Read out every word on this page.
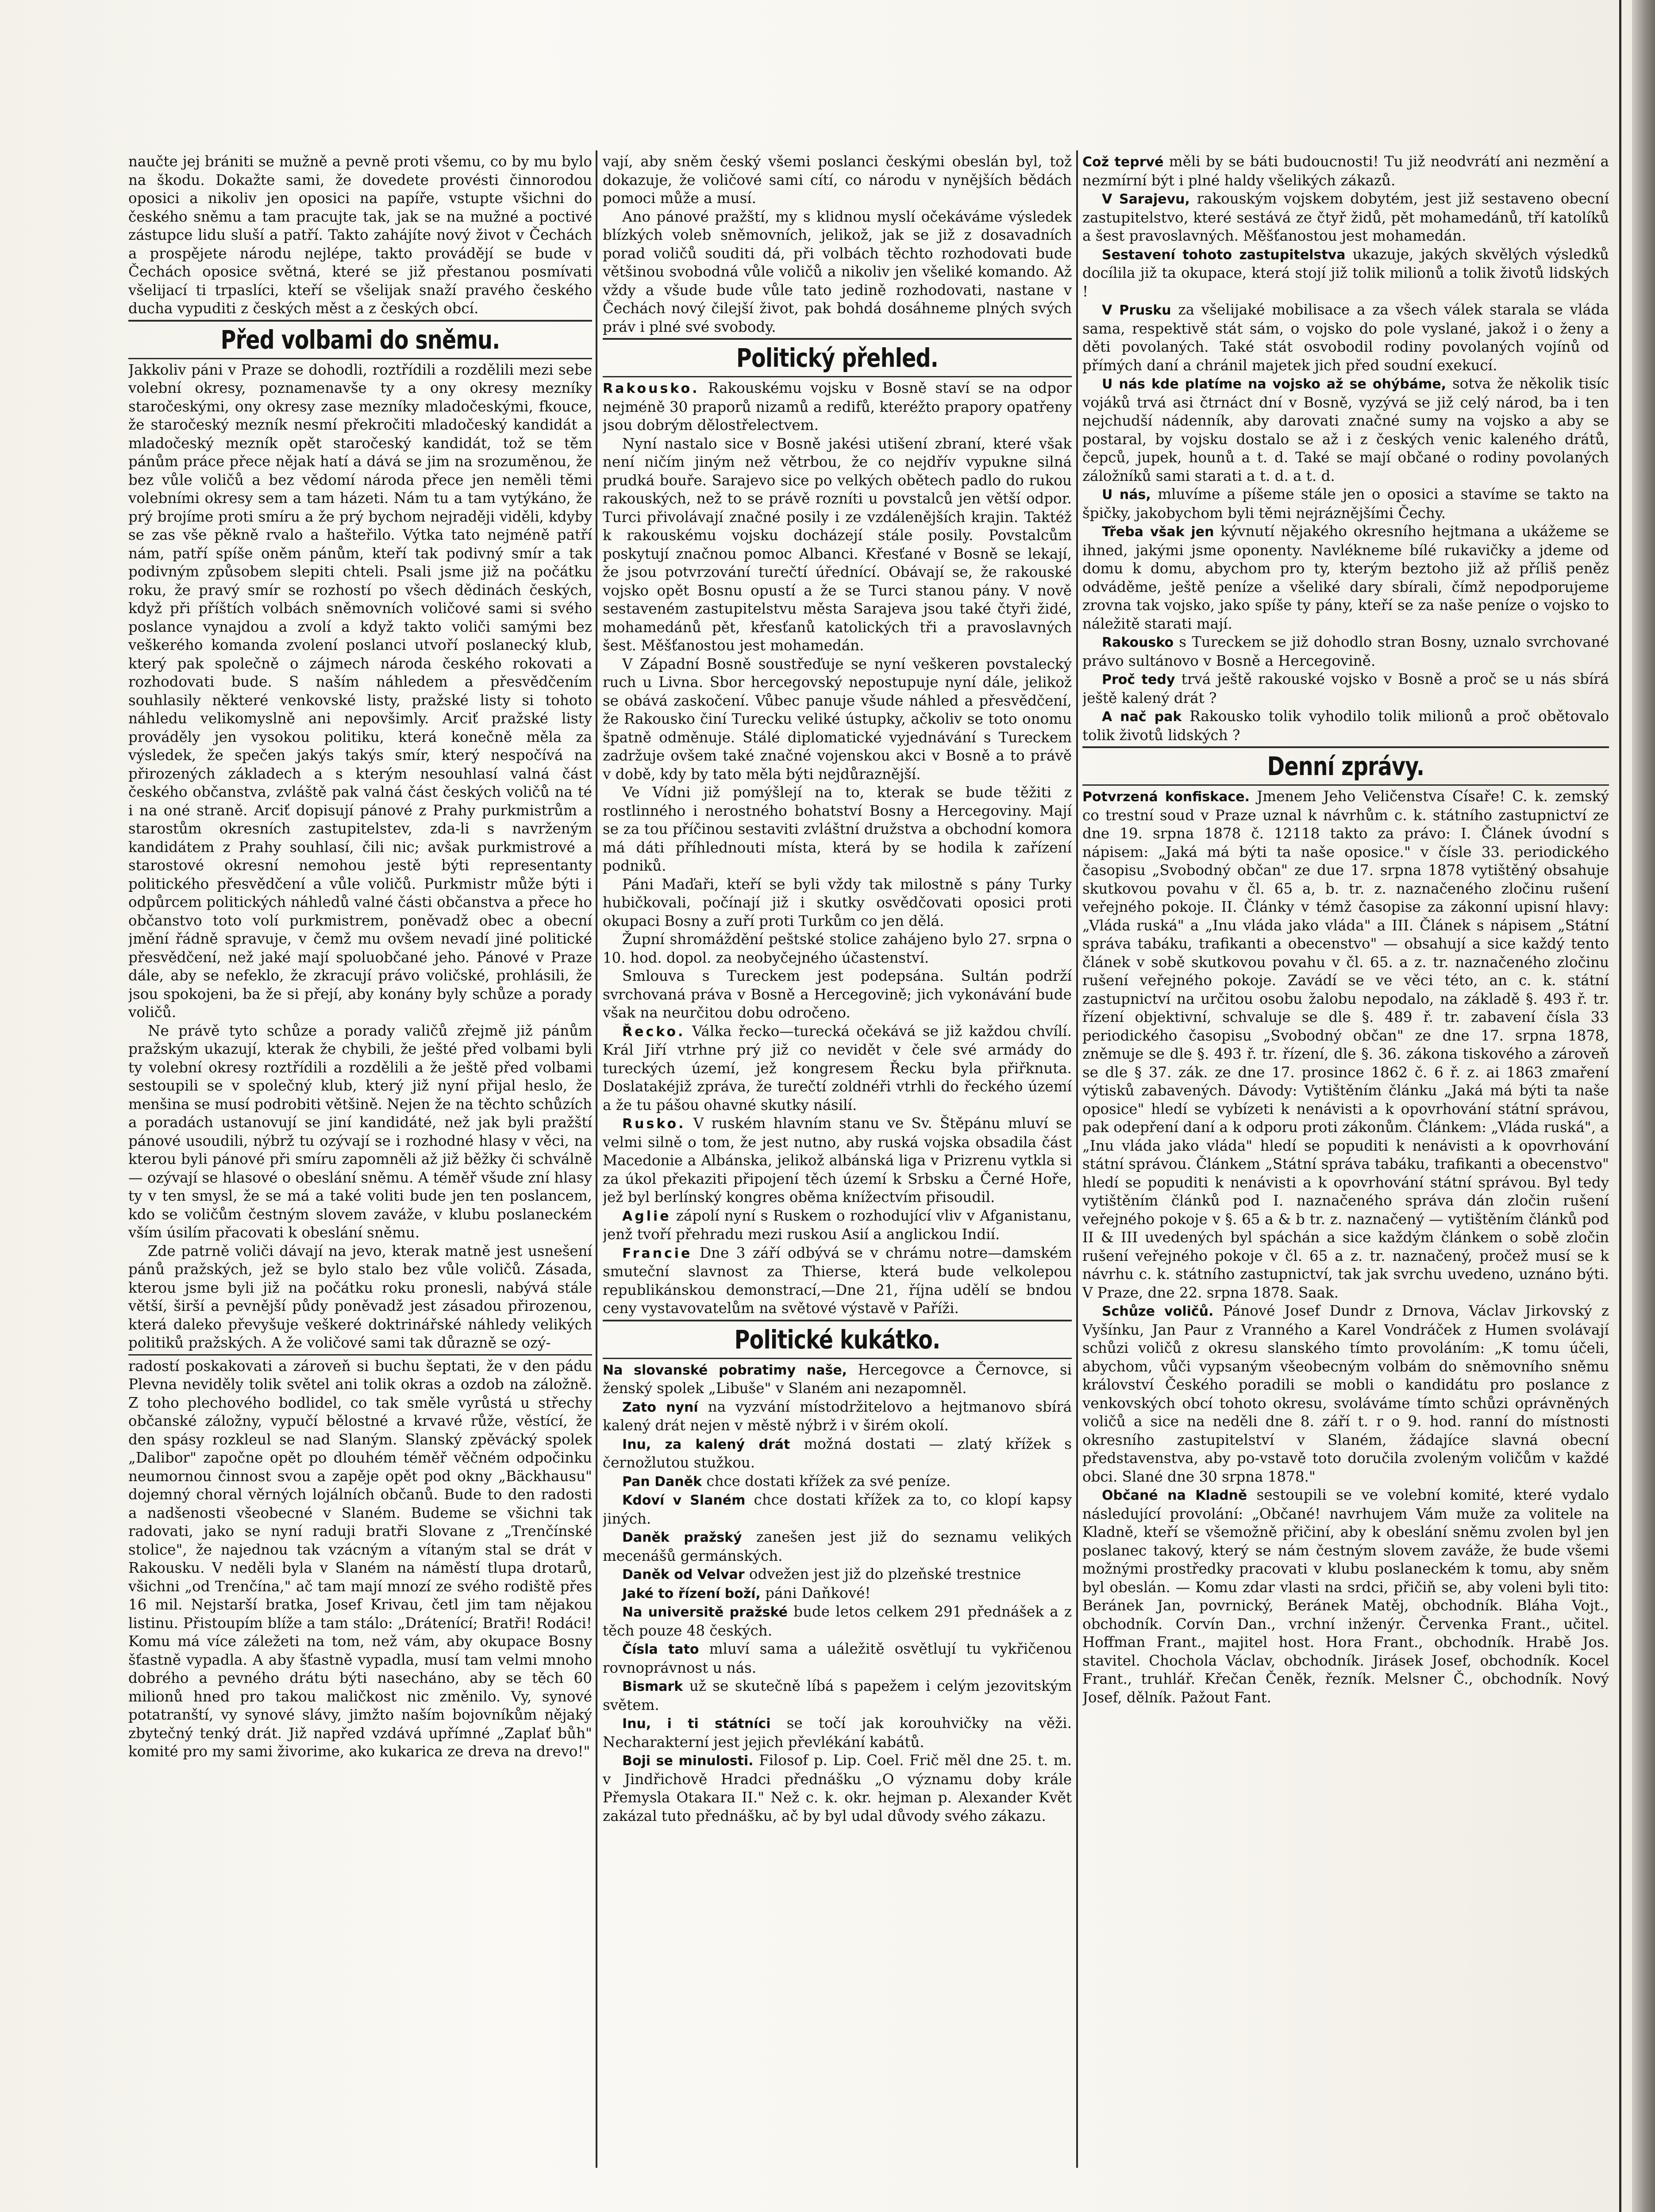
naučte jej brániti se mužně a pevně proti všemu, co by mu bylo na škodu. Dokažte sami, že dovedete provésti činnorodou oposici a nikoliv jen oposici na papíře, vstupte všichni do českého sněmu a tam pracujte tak, jak se na mužné a poctivé zástupce lidu sluší a patří. Takto zahájíte nový život v Čechách a prospějete národu nejlépe, takto provádějí se bude v Čechách oposice světná, které se již přestanou posmívati všelijací ti trpaslíci, kteří se všelijak snaží pravého českého ducha vypuditi z českých měst a z českých obcí.

Před volbami do sněmu.

Jakkoliv páni v Praze se dohodli, roztřídili a rozdělili mezi sebe volební okresy, poznamenavše ty a ony okresy mezníky staročeskými, ony okresy zase mezníky mladočeskými, fkouce, že staročeský mezník nesmí překročiti mladočeský kandidát a mladočeský mezník opět staročeský kandidát, tož se těm pánům práce přece nějak hatí a dává se jim na srozuměnou, že bez vůle voličů a bez vědomí národa přece jen neměli těmi volebními okresy sem a tam házeti. Nám tu a tam vytýkáno, že prý brojíme proti smíru a že prý bychom nejraději viděli, kdyby se zas vše pěkně rvalo a hašteřilo. Výtka tato nejméně patří nám, patří spíše oněm pánům, kteří tak podivný smír a tak podivným způsobem slepiti chteli. Psali jsme již na počátku roku, že pravý smír se rozhostí po všech dědinách českých, když při příštích volbách sněmovních voličové sami si svého poslance vynajdou a zvolí a když takto voliči samými bez veškerého komanda zvolení poslanci utvoří poslanecký klub, který pak společně o zájmech národa českého rokovati a rozhodovati bude. S naším náhledem a přesvědčením souhlasily některé venkovské listy, pražské listy si tohoto náhledu velikomyslně ani nepovšimly. Arciť pražské listy prováděly jen vysokou politiku, která konečně měla za výsledek, že spečen jakýs takýs smír, který nespočívá na přirozených základech a s kterým nesouhlasí valná část českého občanstva, zvláště pak valná část českých voličů na té i na oné straně. Arciť dopisují pánové z Prahy purkmistrům a starostům okresních zastupitelstev, zda-li s navrženým kandidátem z Prahy souhlasí, čili nic; avšak purkmistrové a starostové okresní nemohou jestě býti representanty politického přesvědčení a vůle voličů. Purkmistr může býti i odpůrcem politických náhledů valné části občanstva a přece ho občanstvo toto volí purkmistrem, poněvadž obec a obecní jmění řádně spravuje, v čemž mu ovšem nevadí jiné politické přesvědčení, než jaké mají spoluobčané jeho. Pánové v Praze dále, aby se nefeklo, že zkracují právo voličské, prohlásili, že jsou spokojeni, ba že si přejí, aby konány byly schůze a porady voličů.

Ne právě tyto schůze a porady valičů zřejmě již pánům pražským ukazují, kterak že chybili, že ješté před volbami byli ty volební okresy roztřídili a rozdělili a že ještě před volbami sestoupili se v společný klub, který již nyní přijal heslo, že menšina se musí podrobiti většině. Nejen že na těchto schůzích a poradách ustanovují se jiní kandidáté, než jak byli pražští pánové usoudili, nýbrž tu ozývají se i rozhodné hlasy v věci, na kterou byli pánové při smíru zapomněli až již běžky či schválně — ozývají se hlasové o obeslání sněmu. A téměř všude zní hlasy ty v ten smysl, že se má a také voliti bude jen ten poslancem, kdo se voličům čestným slovem zaváže, v klubu poslaneckém vším úsilím přacovati k obeslání sněmu.

Zde patrně voliči dávají na jevo, kterak matně jest usnešení pánů pražských, jež se bylo stalo bez vůle voličů. Zásada, kterou jsme byli již na počátku roku pronesli, nabývá stále větší, širší a pevnější půdy poněvadž jest zásadou přirozenou, která daleko převyšuje veškeré doktrinářské náhledy velikých politiků pražských. A že voličové sami tak důrazně se ozý-

radostí poskakovati a zároveň si buchu šeptati, že v den pádu Plevna neviděly tolik světel ani tolik okras a ozdob na záložně. Z toho plechového bodlidel, co tak směle vyrůstá u střechy občanské záložny, vypučí bělostné a krvavé růže, věstící, že den spásy rozkleul se nad Slaným. Slanský zpěvácký spolek „Dalibor" započne opět po dlouhém téměř věčném odpočinku neumornou činnost svou a zapěje opět pod okny „Bäckhausu" dojemný choral věrných lojálních občanů. Bude to den radosti a nadšenosti všeobecné v Slaném. Budeme se všichni tak radovati, jako se nyní raduji bratři Slovane z „Trenčínské stolice", že najednou tak vzácným a vítaným stal se drát v Rakousku. V neděli byla v Slaném na náměstí tlupa drotarů, všichni „od Trenčína," ač tam mají mnozí ze svého rodiště přes 16 mil. Nejstarší bratka, Josef Krivau, četl jim tam nějakou listinu. Přistoupím blíže a tam stálo: „Drátenící; Bratři! Rodáci! Komu má více záležeti na tom, než vám, aby okupace Bosny šťastně vypadla. A aby šťastně vypadla, musí tam velmi mnoho dobrého a pevného drátu býti nasecháno, aby se těch 60 milionů hned pro takou maličkost nic změnilo. Vy, synové potatranští, vy synové slávy, jimžto naším bojovníkům nějaký zbytečný tenký drát. Již napřed vzdává upřímné „Zaplať bůh" komité pro my sami živorime, ako kukarica ze dreva na drevo!"

vají, aby sněm český všemi poslanci českými obeslán byl, tož dokazuje, že voličové sami cítí, co národu v nynějších bědách pomoci může a musí.

Ano pánové pražští, my s klidnou myslí očekáváme výsledek blízkých voleb sněmovních, jelikož, jak se již z dosavadních porad voličů souditi dá, při volbách těchto rozhodovati bude většinou svobodná vůle voličů a nikoliv jen všeliké komando. Až vždy a všude bude vůle tato jedině rozhodovati, nastane v Čechách nový čilejší život, pak bohdá dosáhneme plných svých práv i plné své svobody.

Politický přehled.

Rakousko. Rakouskému vojsku v Bosně staví se na odpor nejméně 30 praporů nizamů a redifů, kteréžto prapory opatřeny jsou dobrým dělostřelectvem.

Nyní nastalo sice v Bosně jakési utišení zbraní, které však není ničím jiným než větrbou, že co nejdřív vypukne silná prudká bouře. Sarajevo sice po velkých obětech padlo do rukou rakouských, než to se právě rozníti u povstalců jen větší odpor. Turci přivolávají značné posily i ze vzdálenějších krajin. Taktéž k rakouskému vojsku docházejí stále posily. Povstalcům poskytují značnou pomoc Albanci. Křesťané v Bosně se lekají, že jsou potvrzování turečtí úřednící. Obávají se, že rakouské vojsko opět Bosnu opustí a že se Turci stanou pány. V nově sestaveném zastupitelstvu města Sarajeva jsou také čtyři židé, mohamedánů pět, křesťanů katolických tři a pravoslavných šest. Měšťanostou jest mohamedán.

V Západní Bosně soustřeďuje se nyní veškeren povstalecký ruch u Livna. Sbor hercegovský nepostupuje nyní dále, jelikož se obává zaskočení. Vůbec panuje všude náhled a přesvědčení, že Rakousko činí Turecku veliké ústupky, ačkoliv se toto onomu špatně odměnuje. Stálé diplomatické vyjednávání s Tureckem zadržuje ovšem také značné vojenskou akci v Bosně a to právě v době, kdy by tato měla býti nejdůraznější.

Ve Vídni již pomýšlejí na to, kterak se bude těžiti z rostlinného i nerostného bohatství Bosny a Hercegoviny. Mají se za tou příčinou sestaviti zvláštní družstva a obchodní komora má dáti příhlednouti místa, která by se hodila k zařízení podniků.

Páni Maďaři, kteří se byli vždy tak milostně s pány Turky hubičkovali, počínají již i skutky osvědčovati oposici proti okupaci Bosny a zuří proti Turkům co jen dělá.

Župní shromáždění peštské stolice zahájeno bylo 27. srpna o 10. hod. dopol. za neobyčejného účastenství.

Smlouva s Tureckem jest podepsána. Sultán podrží svrchovaná práva v Bosně a Hercegovině; jich vykonávání bude však na neurčitou dobu odročeno.

Řecko. Válka řecko—turecká očekává se již každou chvílí. Král Jiří vtrhne prý již co nevidět v čele své armády do tureckých území, jež kongresem Řecku byla přiřknuta. Doslatakéjiž zpráva, že turečtí zoldnéři vtrhli do řeckého území a že tu pášou ohavné skutky násilí.

Rusko. V ruském hlavním stanu ve Sv. Štěpánu mluví se velmi silně o tom, že jest nutno, aby ruská vojska obsadila část Macedonie a Albánska, jelikož albánská liga v Prizrenu vytkla si za úkol překaziti připojení těch území k Srbsku a Černé Hoře, jež byl berlínský kongres oběma knížectvím přisoudil.

Aglie zápolí nyní s Ruskem o rozhodující vliv v Afganistanu, jenž tvoří přehradu mezi ruskou Asií a anglickou Indií.

Francie Dne 3 září odbývá se v chrámu notre—damském smuteční slavnost za Thierse, která bude velkolepou republikánskou demonstrací,—Dne 21, října udělí se bndou ceny vystavovatelům na světové výstavě v Paříži.

Politické kukátko.

Na slovanské pobratimy naše, Hercegovce a Černovce, si ženský spolek „Libuše" v Slaném ani nezapomněl.

Zato nyní na vyzvání místodržitelovo a hejtmanovo sbírá kalený drát nejen v městě nýbrž i v širém okolí.

Inu, za kalený drát možná dostati — zlatý křížek s černožlutou stužkou.

Pan Daněk chce dostati křížek za své peníze.

Kdoví v Slaném chce dostati křížek za to, co klopí kapsy jiných.

Daněk pražský zanešen jest již do seznamu velikých mecenášů germánských.

Daněk od Velvar odvežen jest již do plzeňské trestnice

Jaké to řízení boží, páni Daňkové!

Na universitě pražské bude letos celkem 291 přednášek a z těch pouze 48 českých.

Čísla tato mluví sama a uáležitě osvětlují tu vykřičenou rovnoprávnost u nás.

Bismark už se skutečně líbá s papežem i celým jezovitským světem.

Inu, i ti státníci se točí jak korouhvičky na věži. Necharakterní jest jejich převlékání kabátů.

Boji se minulosti. Filosof p. Lip. Coel. Frič měl dne 25. t. m. v Jindřichově Hradci přednášku „O významu doby krále Přemysla Otakara II." Než c. k. okr. hejman p. Alexander Květ zakázal tuto přednášku, ač by byl udal důvody svého zákazu.

Což teprvé měli by se báti budoucnosti! Tu již neodvrátí ani nezmění a nezmírní být i plné haldy všelikých zákazů.

V Sarajevu, rakouským vojskem dobytém, jest již sestaveno obecní zastupitelstvo, které sestává ze čtyř židů, pět mohamedánů, tří katolíků a šest pravoslavných. Měšťanostou jest mohamedán.

Sestavení tohoto zastupitelstva ukazuje, jakých skvělých výsledků docílila již ta okupace, která stojí již tolik milionů a tolik životů lidských !

V Prusku za všelijaké mobilisace a za všech válek starala se vláda sama, respektivě stát sám, o vojsko do pole vyslané, jakož i o ženy a děti povolaných. Také stát osvobodil rodiny povolaných vojínů od přímých daní a chránil majetek jich před soudní exekucí.

U nás kde platíme na vojsko až se ohýbáme, sotva že několik tisíc vojáků trvá asi čtrnáct dní v Bosně, vyzývá se již celý národ, ba i ten nejchudší nádenník, aby darovati značné sumy na vojsko a aby se postaral, by vojsku dostalo se až i z českých venic kaleného drátů, čepců, jupek, hounů a t. d. Také se mají občané o rodiny povolaných záložníků sami starati a t. d. a t. d.

U nás, mluvíme a píšeme stále jen o oposici a stavíme se takto na špičky, jakobychom byli těmi nejráznějšími Čechy.

Třeba však jen kývnutí nějakého okresního hejtmana a ukážeme se ihned, jakými jsme oponenty. Navlékneme bílé rukavičky a jdeme od domu k domu, abychom pro ty, kterým beztoho již až příliš peněz odváděme, ještě peníze a všeliké dary sbírali, čímž nepodporujeme zrovna tak vojsko, jako spíše ty pány, kteří se za naše peníze o vojsko to náležitě starati mají.

Rakousko s Tureckem se již dohodlo stran Bosny, uznalo svrchované právo sultánovo v Bosně a Hercegovině.

Proč tedy trvá ještě rakouské vojsko v Bosně a proč se u nás sbírá ještě kalený drát ?

A nač pak Rakousko tolik vyhodilo tolik milionů a proč obětovalo tolik životů lidských ?

Denní zprávy.

Potvrzená konfiskace. Jmenem Jeho Veličenstva Císaře! C. k. zemský co trestní soud v Praze uznal k návrhům c. k. státního zastupnictví ze dne 19. srpna 1878 č. 12118 takto za právo: I. Článek úvodní s nápisem: „Jaká má býti ta naše oposice." v čísle 33. periodického časopisu „Svobodný občan" ze due 17. srpna 1878 vytištěný obsahuje skutkovou povahu v čl. 65 a, b. tr. z. naznačeného zločinu rušení veřejného pokoje. II. Články v témž časopise za zákonní upisní hlavy: „Vláda ruská" a „Inu vláda jako vláda" a III. Článek s nápisem „Státní správa tabáku, trafikanti a obecenstvo" — obsahují a sice každý tento článek v sobě skutkovou povahu v čl. 65. a z. tr. naznačeného zločinu rušení veřejného pokoje. Zavádí se ve věci této, an c. k. státní zastupnictví na určitou osobu žalobu nepodalo, na základě §. 493 ř. tr. řízení objektivní, schvaluje se dle §. 489 ř. tr. zabavení čísla 33 periodického časopisu „Svobodný občan" ze dne 17. srpna 1878, zněmuje se dle §. 493 ř. tr. řízení, dle §. 36. zákona tiskového a zároveň se dle § 37. zák. ze dne 17. prosince 1862 č. 6 ř. z. ai 1863 zmaření výtisků zabavených. Dávody: Vytištěním článku „Jaká má býti ta naše oposice" hledí se vybízeti k nenávisti a k opovrhování státní správou, pak odepření daní a k odporu proti zákonům. Článkem: „Vláda ruská", a „Inu vláda jako vláda" hledí se popuditi k nenávisti a k opovrhování státní správou. Článkem „Státní správa tabáku, trafikanti a obecenstvo" hledí se popuditi k nenávisti a k opovrhování státní správou. Byl tedy vytištěním článků pod I. naznačeného správa dán zločin rušení veřejného pokoje v §. 65 a & b tr. z. naznačený — vytištěním článků pod II & III uvedených byl spáchán a sice každým článkem o sobě zločin rušení veřejného pokoje v čl. 65 a z. tr. naznačený, pročež musí se k návrhu c. k. státního zastupnictví, tak jak svrchu uvedeno, uznáno býti. V Praze, dne 22. srpna 1878. Saak.

Schůze voličů. Pánové Josef Dundr z Drnova, Václav Jirkovský z Vyšínku, Jan Paur z Vranného a Karel Vondráček z Humen svolávají schůzi voličů z okresu slanského tímto provoláním: „K tomu účeli, abychom, vůči vypsaným všeobecným volbám do sněmovního sněmu království Českého poradili se mobli o kandidátu pro poslance z venkovských obcí tohoto okresu, svoláváme tímto schůzi oprávněných voličů a sice na neděli dne 8. září t. r o 9. hod. ranní do místnosti okresního zastupitelství v Slaném, žádajíce slavná obecní představenstva, aby po-vstavě toto doručila zvoleným voličům v každé obci. Slané dne 30 srpna 1878."

Občané na Kladně sestoupili se ve volební komité, které vydalo následující provolání: „Občané! navrhujem Vám muže za volitele na Kladně, kteří se všemožně přičiní, aby k obeslání sněmu zvolen byl jen poslanec takový, který se nám čestným slovem zaváže, že bude všemi možnými prostředky pracovati v klubu poslaneckém k tomu, aby sněm byl obeslán. — Komu zdar vlasti na srdci, přičiň se, aby voleni byli tito: Beránek Jan, povrnický, Beránek Matěj, obchodník. Bláha Vojt., obchodník. Corvín Dan., vrchní inženýr. Červenka Frant., učitel. Hoffman Frant., majitel host. Hora Frant., obchodník. Hrabě Jos. stavitel. Chochola Václav, obchodník. Jirásek Josef, obchodník. Kocel Frant., truhlář. Křečan Čeněk, řezník. Melsner Č., obchodník. Nový Josef, dělník. Pažout Fant.
